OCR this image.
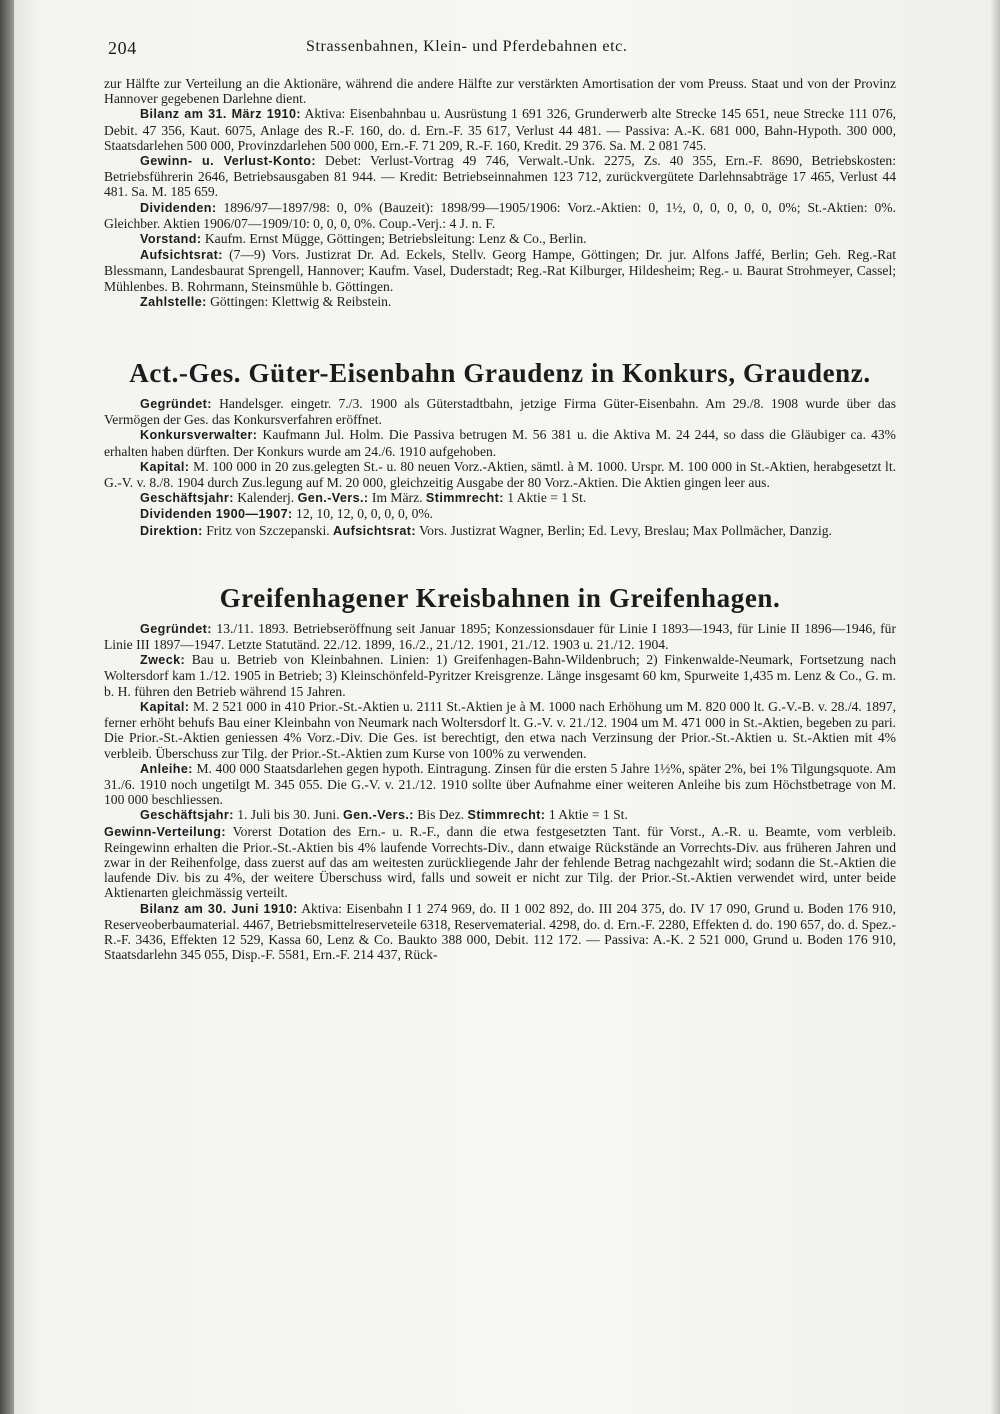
204	Strassenbahnen, Klein- und Pferdebahnen etc.

zur Hälfte zur Verteilung an die Aktionäre, während die andere Hälfte zur verstärkten Amortisation der vom Preuss. Staat und von der Provinz Hannover gegebenen Darlehne dient.

Bilanz am 31. März 1910: Aktiva: Eisenbahnbau u. Ausrüstung 1 691 326, Grunderwerb alte Strecke 145 651, neue Strecke 111 076, Debit. 47 356, Kaut. 6075, Anlage des R.-F. 160, do. d. Ern.-F. 35 617, Verlust 44 481. — Passiva: A.-K. 681 000, Bahn-Hypoth. 300 000, Staatsdarlehen 500 000, Provinzdarlehen 500 000, Ern.-F. 71 209, R.-F. 160, Kredit. 29 376. Sa. M. 2 081 745.

Gewinn- u. Verlust-Konto: Debet: Verlust-Vortrag 49 746, Verwalt.-Unk. 2275, Zs. 40 355, Ern.-F. 8690, Betriebskosten: Betriebsführerin 2646, Betriebsausgaben 81 944. — Kredit: Betriebseinnahmen 123 712, zurückvergütete Darlehnsabträge 17 465, Verlust 44 481. Sa. M. 185 659.

Dividenden: 1896/97—1897/98: 0, 0% (Bauzeit): 1898/99—1905/1906: Vorz.-Aktien: 0, 1½, 0, 0, 0, 0, 0, 0%; St.-Aktien: 0%. Gleichber. Aktien 1906/07—1909/10: 0, 0, 0, 0%. Coup.-Verj.: 4 J. n. F.

Vorstand: Kaufm. Ernst Mügge, Göttingen; Betriebsleitung: Lenz & Co., Berlin.

Aufsichtsrat: (7—9) Vors. Justizrat Dr. Ad. Eckels, Stellv. Georg Hampe, Göttingen; Dr. jur. Alfons Jaffé, Berlin; Geh. Reg.-Rat Blessmann, Landesbaurat Sprengell, Hannover; Kaufm. Vasel, Duderstadt; Reg.-Rat Kilburger, Hildesheim; Reg.- u. Baurat Strohmeyer, Cassel; Mühlenbes. B. Rohrmann, Steinsmühle b. Göttingen.

Zahlstelle: Göttingen: Klettwig & Reibstein.

Act.-Ges. Güter-Eisenbahn Graudenz in Konkurs, Graudenz.

Gegründet: Handelsger. eingetr. 7./3. 1900 als Güterstadtbahn, jetzige Firma Güter-Eisenbahn. Am 29./8. 1908 wurde über das Vermögen der Ges. das Konkursverfahren eröffnet.

Konkursverwalter: Kaufmann Jul. Holm. Die Passiva betrugen M. 56 381 u. die Aktiva M. 24 244, so dass die Gläubiger ca. 43% erhalten haben dürften. Der Konkurs wurde am 24./6. 1910 aufgehoben.

Kapital: M. 100 000 in 20 zus.gelegten St.- u. 80 neuen Vorz.-Aktien, sämtl. à M. 1000. Urspr. M. 100 000 in St.-Aktien, herabgesetzt lt. G.-V. v. 8./8. 1904 durch Zus.legung auf M. 20 000, gleichzeitig Ausgabe der 80 Vorz.-Aktien. Die Aktien gingen leer aus.

Geschäftsjahr: Kalenderj. Gen.-Vers.: Im März. Stimmrecht: 1 Aktie = 1 St.

Dividenden 1900—1907: 12, 10, 12, 0, 0, 0, 0, 0%.

Direktion: Fritz von Szczepanski. Aufsichtsrat: Vors. Justizrat Wagner, Berlin; Ed. Levy, Breslau; Max Pollmächer, Danzig.

Greifenhagener Kreisbahnen in Greifenhagen.

Gegründet: 13./11. 1893. Betriebseröffnung seit Januar 1895; Konzessionsdauer für Linie I 1893—1943, für Linie II 1896—1946, für Linie III 1897—1947. Letzte Statutänd. 22./12. 1899, 16./2., 21./12. 1901, 21./12. 1903 u. 21./12. 1904.

Zweck: Bau u. Betrieb von Kleinbahnen. Linien: 1) Greifenhagen-Bahn-Wildenbruch; 2) Finkenwalde-Neumark, Fortsetzung nach Woltersdorf kam 1./12. 1905 in Betrieb; 3) Kleinschönfeld-Pyritzer Kreisgrenze. Länge insgesamt 60 km, Spurweite 1,435 m. Lenz & Co., G. m. b. H. führen den Betrieb während 15 Jahren.

Kapital: M. 2 521 000 in 410 Prior.-St.-Aktien u. 2111 St.-Aktien je à M. 1000 nach Erhöhung um M. 820 000 lt. G.-V.-B. v. 28./4. 1897, ferner erhöht behufs Bau einer Kleinbahn von Neumark nach Woltersdorf lt. G.-V. v. 21./12. 1904 um M. 471 000 in St.-Aktien, begeben zu pari. Die Prior.-St.-Aktien geniessen 4% Vorz.-Div. Die Ges. ist berechtigt, den etwa nach Verzinsung der Prior.-St.-Aktien u. St.-Aktien mit 4% verbleib. Überschuss zur Tilg. der Prior.-St.-Aktien zum Kurse von 100% zu verwenden.

Anleihe: M. 400 000 Staatsdarlehen gegen hypoth. Eintragung. Zinsen für die ersten 5 Jahre 1½%, später 2%, bei 1% Tilgungsquote. Am 31./6. 1910 noch ungetilgt M. 345 055. Die G.-V. v. 21./12. 1910 sollte über Aufnahme einer weiteren Anleihe bis zum Höchstbetrage von M. 100 000 beschliessen.

Geschäftsjahr: 1. Juli bis 30. Juni. Gen.-Vers.: Bis Dez. Stimmrecht: 1 Aktie = 1 St.

Gewinn-Verteilung: Vorerst Dotation des Ern.- u. R.-F., dann die etwa festgesetzten Tant. für Vorst., A.-R. u. Beamte, vom verbleib. Reingewinn erhalten die Prior.-St.-Aktien bis 4% laufende Vorrechts-Div., dann etwaige Rückstände an Vorrechts-Div. aus früheren Jahren und zwar in der Reihenfolge, dass zuerst auf das am weitesten zurückliegende Jahr der fehlende Betrag nachgezahlt wird; sodann die St.-Aktien die laufende Div. bis zu 4%, der weitere Überschuss wird, falls und soweit er nicht zur Tilg. der Prior.-St.-Aktien verwendet wird, unter beide Aktienarten gleichmässig verteilt.

Bilanz am 30. Juni 1910: Aktiva: Eisenbahn I 1 274 969, do. II 1 002 892, do. III 204 375, do. IV 17 090, Grund u. Boden 176 910, Reserveoberbaumaterial. 4467, Betriebsmittelreserveteile 6318, Reservematerial. 4298, do. d. Ern.-F. 2280, Effekten d. do. 190 657, do. d. Spez.-R.-F. 3436, Effekten 12 529, Kassa 60, Lenz & Co. Baukto 388 000, Debit. 112 172. — Passiva: A.-K. 2 521 000, Grund u. Boden 176 910, Staatsdarlehn 345 055, Disp.-F. 5581, Ern.-F. 214 437, Rück-
